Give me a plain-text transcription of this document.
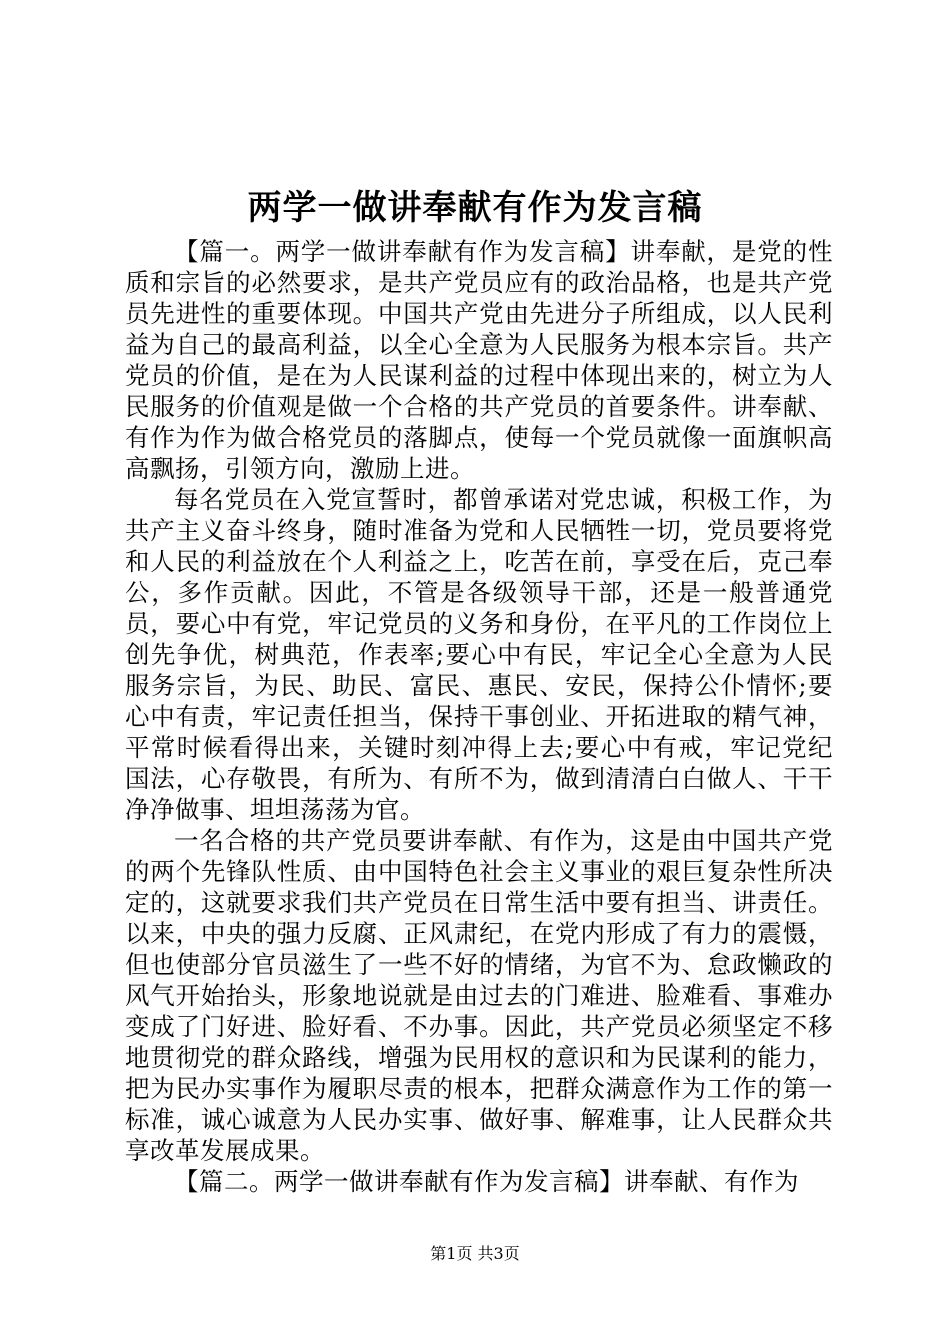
两学一做讲奉献有作为发言稿

【篇一。两学一做讲奉献有作为发言稿】讲奉献，是党的性质和宗旨的必然要求，是共产党员应有的政治品格，也是共产党员先进性的重要体现。中国共产党由先进分子所组成，以人民利益为自己的最高利益，以全心全意为人民服务为根本宗旨。共产党员的价值，是在为人民谋利益的过程中体现出来的，树立为人民服务的价值观是做一个合格的共产党员的首要条件。讲奉献、有作为作为做合格党员的落脚点，使每一个党员就像一面旗帜高高飘扬，引领方向，激励上进。

每名党员在入党宣誓时，都曾承诺对党忠诚，积极工作，为共产主义奋斗终身，随时准备为党和人民牺牲一切，党员要将党和人民的利益放在个人利益之上，吃苦在前，享受在后，克己奉公，多作贡献。因此，不管是各级领导干部，还是一般普通党员，要心中有党，牢记党员的义务和身份，在平凡的工作岗位上创先争优，树典范，作表率;要心中有民，牢记全心全意为人民服务宗旨，为民、助民、富民、惠民、安民，保持公仆情怀;要心中有责，牢记责任担当，保持干事创业、开拓进取的精气神，平常时候看得出来，关键时刻冲得上去;要心中有戒，牢记党纪国法，心存敬畏，有所为、有所不为，做到清清白白做人、干干净净做事、坦坦荡荡为官。

一名合格的共产党员要讲奉献、有作为，这是由中国共产党的两个先锋队性质、由中国特色社会主义事业的艰巨复杂性所决定的，这就要求我们共产党员在日常生活中要有担当、讲责任。以来，中央的强力反腐、正风肃纪，在党内形成了有力的震慑，但也使部分官员滋生了一些不好的情绪，为官不为、怠政懒政的风气开始抬头，形象地说就是由过去的门难进、脸难看、事难办变成了门好进、脸好看、不办事。因此，共产党员必须坚定不移地贯彻党的群众路线，增强为民用权的意识和为民谋利的能力，把为民办实事作为履职尽责的根本，把群众满意作为工作的第一标准，诚心诚意为人民办实事、做好事、解难事，让人民群众共享改革发展成果。

【篇二。两学一做讲奉献有作为发言稿】讲奉献、有作为

第1页 共3页
